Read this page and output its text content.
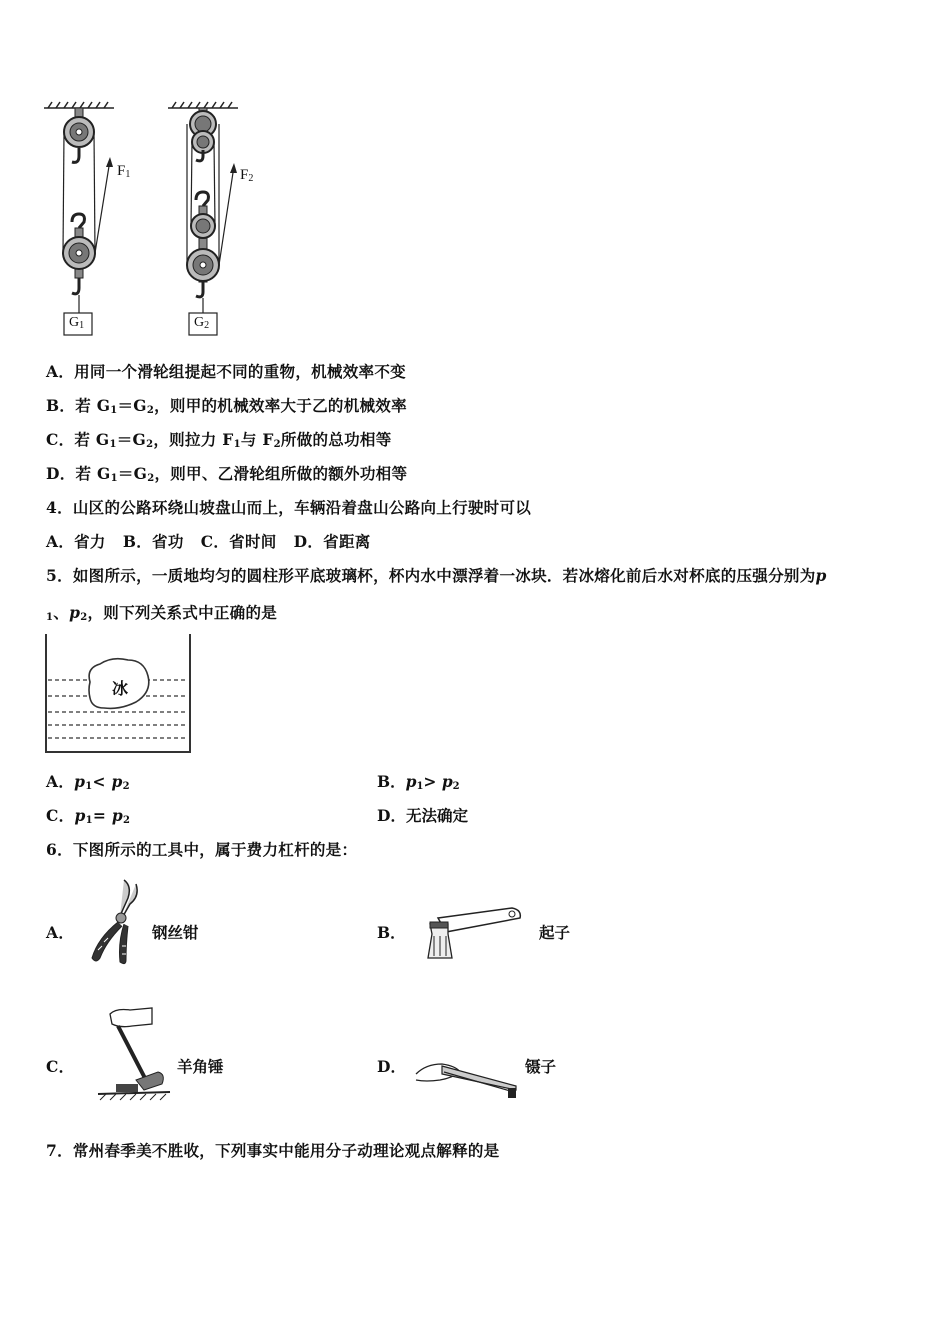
$F_1$	$F_2$
$G_1$	$G_2$
A．用同一个滑轮组提起不同的重物，机械效率不变
B．若 $G_1=G_2$，则甲的机械效率大于乙的机械效率
C．若 $G_1=G_2$，则拉力 $F_1$与 $F_2$所做的总功相等
D．若 $G_1=G_2$，则甲、乙滑轮组所做的额外功相等
4．山区的公路环绕山坡盘山而上，车辆沿着盘山公路向上行驶时可以
A．省力   B．省功   C．省时间   D．省距离
5．如图所示，一质地均匀的圆柱形平底玻璃杯，杯内水中漂浮着一冰块．若冰熔化前后水对杯底的压强分别为p
$_1$、$p_2$，则下列关系式中正确的是
冰
A．$p_1< p_2$	B．$p_1> p_2$
C．$p_1= p_2$	D．无法确定
6．下图所示的工具中，属于费力杠杆的是：
A．	钢丝钳	B．	起子
C．	羊角锤	D．	镊子
7．常州春季美不胜收，下列事实中能用分子动理论观点解释的是
